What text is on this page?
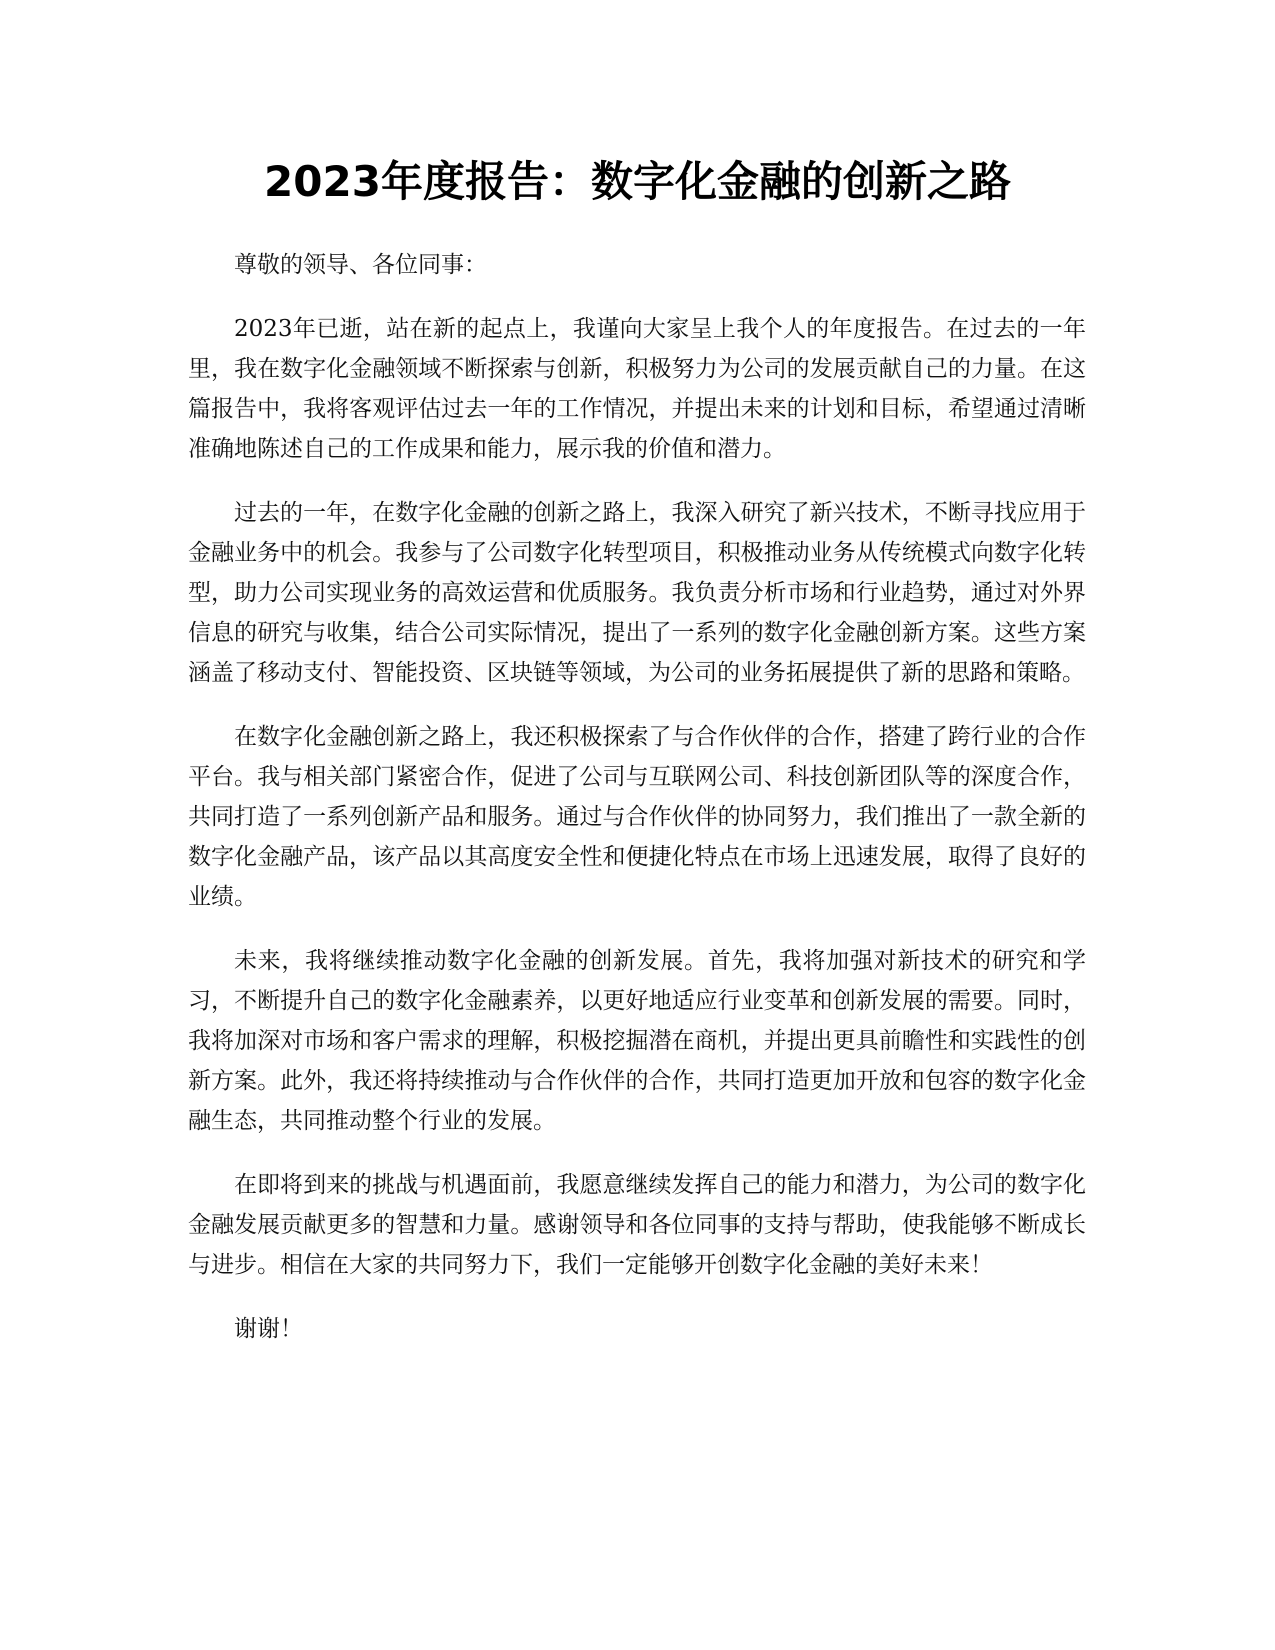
2023年度报告：数字化金融的创新之路

尊敬的领导、各位同事：

2023年已逝，站在新的起点上，我谨向大家呈上我个人的年度报告。在过去的一年里，我在数字化金融领域不断探索与创新，积极努力为公司的发展贡献自己的力量。在这篇报告中，我将客观评估过去一年的工作情况，并提出未来的计划和目标，希望通过清晰准确地陈述自己的工作成果和能力，展示我的价值和潜力。

过去的一年，在数字化金融的创新之路上，我深入研究了新兴技术，不断寻找应用于金融业务中的机会。我参与了公司数字化转型项目，积极推动业务从传统模式向数字化转型，助力公司实现业务的高效运营和优质服务。我负责分析市场和行业趋势，通过对外界信息的研究与收集，结合公司实际情况，提出了一系列的数字化金融创新方案。这些方案涵盖了移动支付、智能投资、区块链等领域，为公司的业务拓展提供了新的思路和策略。

在数字化金融创新之路上，我还积极探索了与合作伙伴的合作，搭建了跨行业的合作平台。我与相关部门紧密合作，促进了公司与互联网公司、科技创新团队等的深度合作，共同打造了一系列创新产品和服务。通过与合作伙伴的协同努力，我们推出了一款全新的数字化金融产品，该产品以其高度安全性和便捷化特点在市场上迅速发展，取得了良好的业绩。

未来，我将继续推动数字化金融的创新发展。首先，我将加强对新技术的研究和学习，不断提升自己的数字化金融素养，以更好地适应行业变革和创新发展的需要。同时，我将加深对市场和客户需求的理解，积极挖掘潜在商机，并提出更具前瞻性和实践性的创新方案。此外，我还将持续推动与合作伙伴的合作，共同打造更加开放和包容的数字化金融生态，共同推动整个行业的发展。

在即将到来的挑战与机遇面前，我愿意继续发挥自己的能力和潜力，为公司的数字化金融发展贡献更多的智慧和力量。感谢领导和各位同事的支持与帮助，使我能够不断成长与进步。相信在大家的共同努力下，我们一定能够开创数字化金融的美好未来！

谢谢！
